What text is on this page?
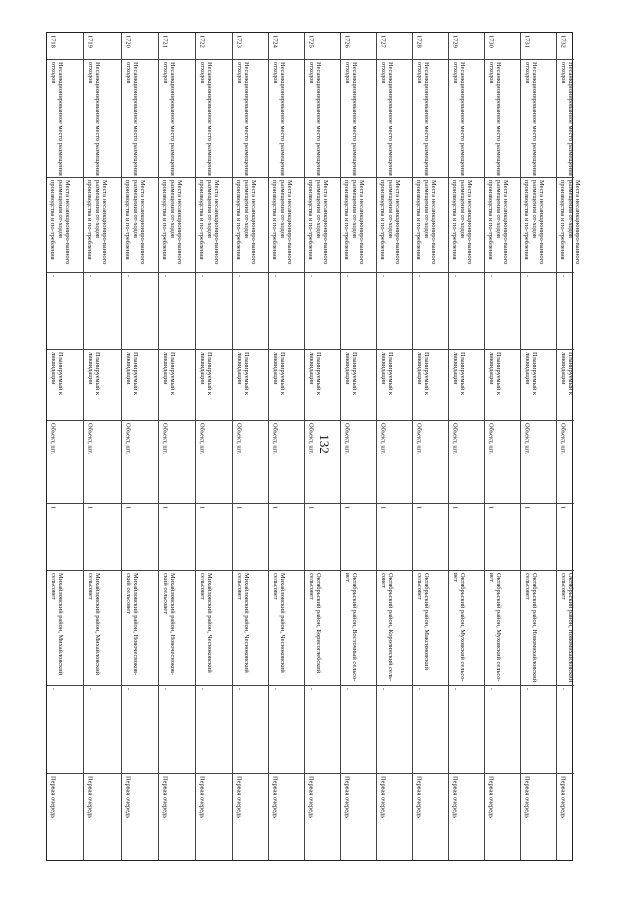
132
1718
Несанкционированное место размещения отходов
Места несанкциониро-ванного размещения от-ходов производства и по-требления
-
Планируемый к ликвидации
Объект, шт.
1
Михайловский район, Михайловский сельсовет
-
Первая очередь
1719
Несанкционированное место размещения отходов
Места несанкциониро-ванного размещения от-ходов производства и по-требления
-
Планируемый к ликвидации
Объект, шт.
1
Михайловский район, Михайловский сельсовет
-
Первая очередь
1720
Несанкционированное место размещения отходов
Места несанкциониро-ванного размещения от-ходов производства и по-требления
-
Планируемый к ликвидации
Объект, шт.
1
Михайловский район, Новочесноков-ский сельсовет
-
Первая очередь
1721
Несанкционированное место размещения отходов
Места несанкциониро-ванного размещения от-ходов производства и по-требления
-
Планируемый к ликвидации
Объект, шт.
1
Михайловский район, Новочесноков-ский сельсовет
-
Первая очередь
1722
Несанкционированное место размещения отходов
Места несанкциониро-ванного размещения от-ходов производства и по-требления
-
Планируемый к ликвидации
Объект, шт.
1
Михайловский район, Чесноковский сельсовет
-
Первая очередь
1723
Несанкционированное место размещения отходов
Места несанкциониро-ванного размещения от-ходов производства и по-требления
-
Планируемый к ликвидации
Объект, шт.
1
Михайловский район, Чесноковский сельсовет
-
Первая очередь
1724
Несанкционированное место размещения отходов
Места несанкциониро-ванного размещения от-ходов производства и по-требления
-
Планируемый к ликвидации
Объект, шт.
1
Михайловский район, Чесноковский сельсовет
-
Первая очередь
1725
Несанкционированное место размещения отходов
Места несанкциониро-ванного размещения от-ходов производства и по-требления
-
Планируемый к ликвидации
Объект, шт.
1
Октябрьский район, Борисоглебский сельсовет
-
Первая очередь
1726
Несанкционированное место размещения отходов
Места несанкциониро-ванного размещения от-ходов производства и по-требления
-
Планируемый к ликвидации
Объект, шт.
1
Октябрьский район, Восточный сельсо-вет
-
Первая очередь
1727
Несанкционированное место размещения отходов
Места несанкциониро-ванного размещения от-ходов производства и по-требления
-
Планируемый к ликвидации
Объект, шт.
1
Октябрьский район, Королинский сель-совет
-
Первая очередь
1728
Несанкционированное место размещения отходов
Места несанкциониро-ванного размещения от-ходов производства и по-требления
-
Планируемый к ликвидации
Объект, шт.
1
Октябрьский район, Максимовский сельсовет
-
Первая очередь
1729
Несанкционированное место размещения отходов
Места несанкциониро-ванного размещения от-ходов производства и по-требления
-
Планируемый к ликвидации
Объект, шт.
1
Октябрьский район, Муховский сельсо-вет
-
Первая очередь
1730
Несанкционированное место размещения отходов
Места несанкциониро-ванного размещения от-ходов производства и по-требления
-
Планируемый к ликвидации
Объект, шт.
1
Октябрьский район, Муховский сельсо-вет
-
Первая очередь
1731
Несанкционированное место размещения отходов
Места несанкциониро-ванного размещения от-ходов производства и по-требления
-
Планируемый к ликвидации
Объект, шт.
1
Октябрьский район, Новомихайловский сельсовет
-
Первая очередь
1732
Несанкционированное место размещения отходов
Места несанкциониро-ванного размещения от-ходов производства и по-требления
-
Планируемый к ликвидации
Объект, шт.
1
Октябрьский район, Новомихайловский сельсовет
-
Первая очередь
